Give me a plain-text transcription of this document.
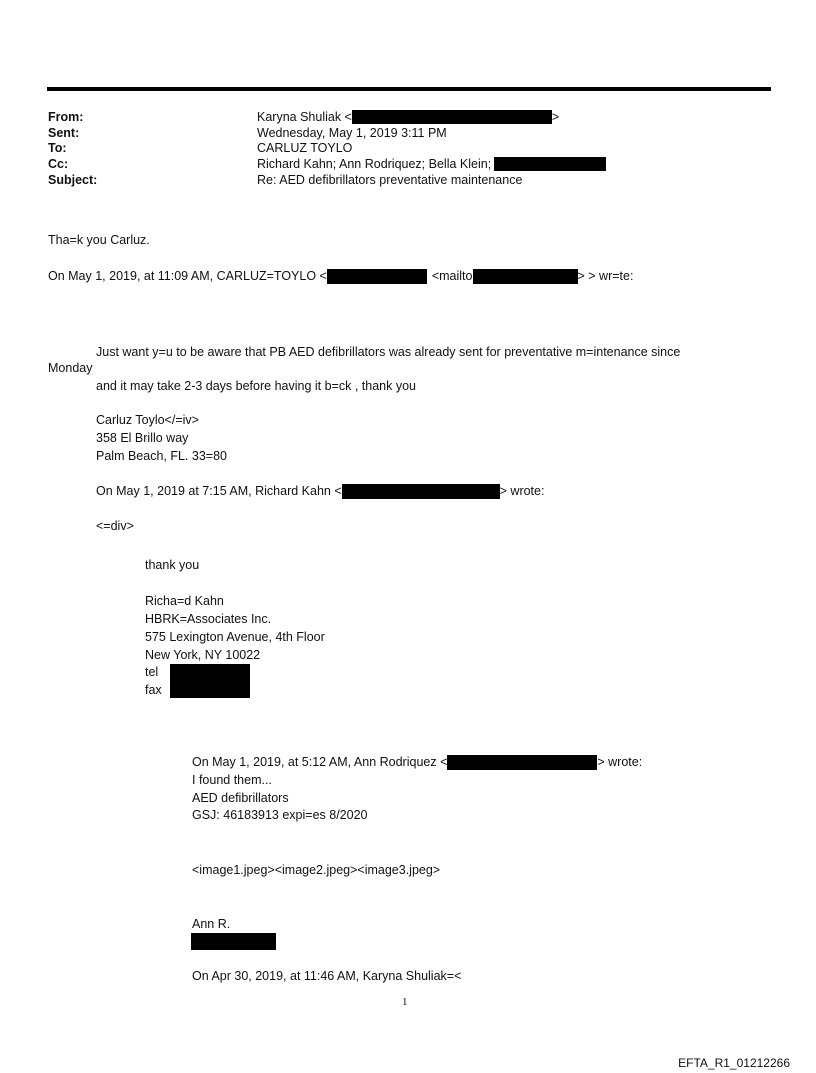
From:	Karyna Shuliak <	>
Sent:	Wednesday, May 1, 2019 3:11 PM
To:	CARLUZ TOYLO
Cc:	Richard Kahn; Ann Rodriquez; Bella Klein;
Subject:	Re: AED defibrillators preventative maintenance
Tha=k you Carluz.
On May 1, 2019, at 11:09 AM, CARLUZ=TOYLO <	<mailto	> > wr=te:
Just want y=u to be aware that PB AED defibrillators was already sent for preventative m=intenance since
Monday
and it may take 2-3 days before having it b=ck , thank you
Carluz Toylo</=iv>
358 El Brillo way
Palm Beach, FL. 33=80
On May 1, 2019 at 7:15 AM, Richard Kahn <	> wrote:
<=div>
thank you
Richa=d Kahn
HBRK=Associates Inc.
575 Lexington Avenue, 4th Floor
New York, NY 10022
tel
fax
On May 1, 2019, at 5:12 AM, Ann Rodriquez <	> wrote:
I found them...
AED defibrillators
GSJ: 46183913 expi=es 8/2020
<image1.jpeg><image2.jpeg><image3.jpeg>
Ann R.
On Apr 30, 2019, at 11:46 AM, Karyna Shuliak=<
1
EFTA_R1_01212266
